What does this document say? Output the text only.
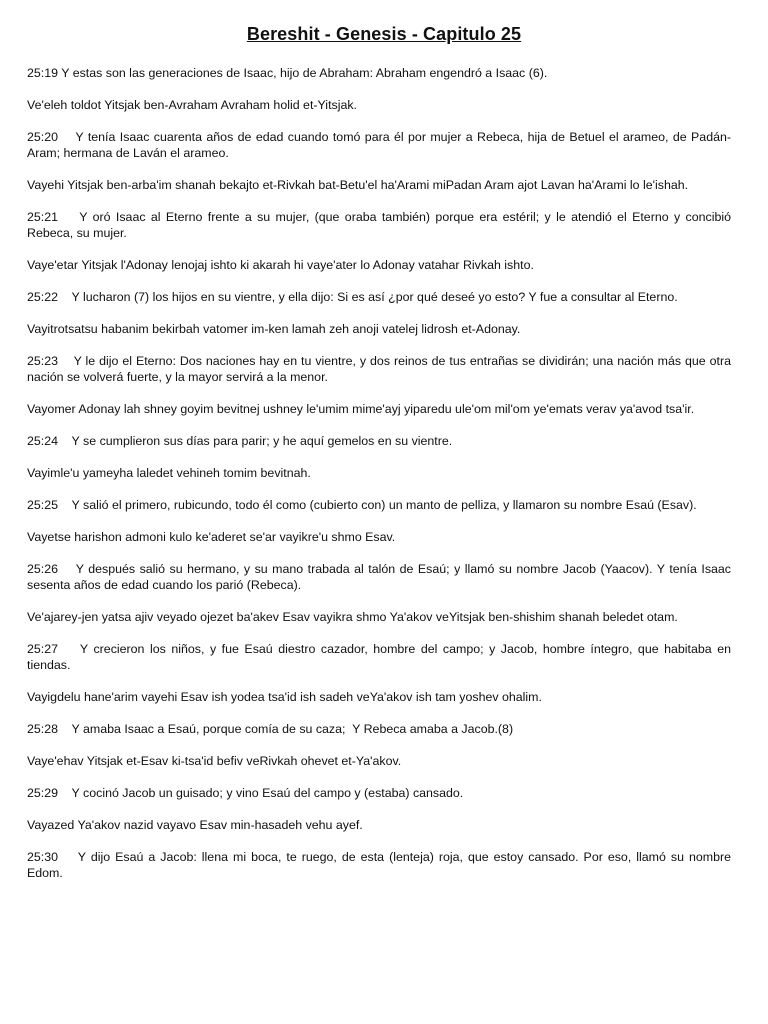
Bereshit - Genesis - Capitulo 25

25:19 Y estas son las generaciones de Isaac, hijo de Abraham: Abraham engendró a Isaac (6).

Ve'eleh toldot Yitsjak ben-Avraham Avraham holid et-Yitsjak.

25:20    Y tenía Isaac cuarenta años de edad cuando tomó para él por mujer a Rebeca, hija de Betuel el arameo, de Padán-Aram; hermana de Laván el arameo.

Vayehi Yitsjak ben-arba'im shanah bekajto et-Rivkah bat-Betu'el ha'Arami miPadan Aram ajot Lavan ha'Arami lo le'ishah.

25:21    Y oró Isaac al Eterno frente a su mujer, (que oraba también) porque era estéril; y le atendió el Eterno y concibió Rebeca, su mujer.

Vaye'etar Yitsjak l'Adonay lenojaj ishto ki akarah hi vaye'ater lo Adonay vatahar Rivkah ishto.

25:22    Y lucharon (7) los hijos en su vientre, y ella dijo: Si es así ¿por qué deseé yo esto? Y fue a consultar al Eterno.

Vayitrotsatsu habanim bekirbah vatomer im-ken lamah zeh anoji vatelej lidrosh et-Adonay.

25:23    Y le dijo el Eterno: Dos naciones hay en tu vientre, y dos reinos de tus entrañas se dividirán; una nación más que otra nación se volverá fuerte, y la mayor servirá a la menor.

Vayomer Adonay lah shney goyim bevitnej ushney le'umim mime'ayj yiparedu ule'om mil'om ye'emats verav ya'avod tsa'ir.

25:24    Y se cumplieron sus días para parir; y he aquí gemelos en su vientre.

Vayimle'u yameyha laledet vehineh tomim bevitnah.

25:25    Y salió el primero, rubicundo, todo él como (cubierto con) un manto de pelliza, y llamaron su nombre Esaú (Esav).

Vayetse harishon admoni kulo ke'aderet se'ar vayikre'u shmo Esav.

25:26    Y después salió su hermano, y su mano trabada al talón de Esaú; y llamó su nombre Jacob (Yaacov). Y tenía Isaac sesenta años de edad cuando los parió (Rebeca).

Ve'ajarey-jen yatsa ajiv veyado ojezet ba'akev Esav vayikra shmo Ya'akov veYitsjak ben-shishim shanah beledet otam.

25:27    Y crecieron los niños, y fue Esaú diestro cazador, hombre del campo; y Jacob, hombre íntegro, que habitaba en tiendas.

Vayigdelu hane'arim vayehi Esav ish yodea tsa'id ish sadeh veYa'akov ish tam yoshev ohalim.

25:28    Y amaba Isaac a Esaú, porque comía de su caza;  Y Rebeca amaba a Jacob.(8)

Vaye'ehav Yitsjak et-Esav ki-tsa'id befiv veRivkah ohevet et-Ya'akov.

25:29    Y cocinó Jacob un guisado; y vino Esaú del campo y (estaba) cansado.

Vayazed Ya'akov nazid vayavo Esav min-hasadeh vehu ayef.

25:30    Y dijo Esaú a Jacob: llena mi boca, te ruego, de esta (lenteja) roja, que estoy cansado. Por eso, llamó su nombre Edom.
